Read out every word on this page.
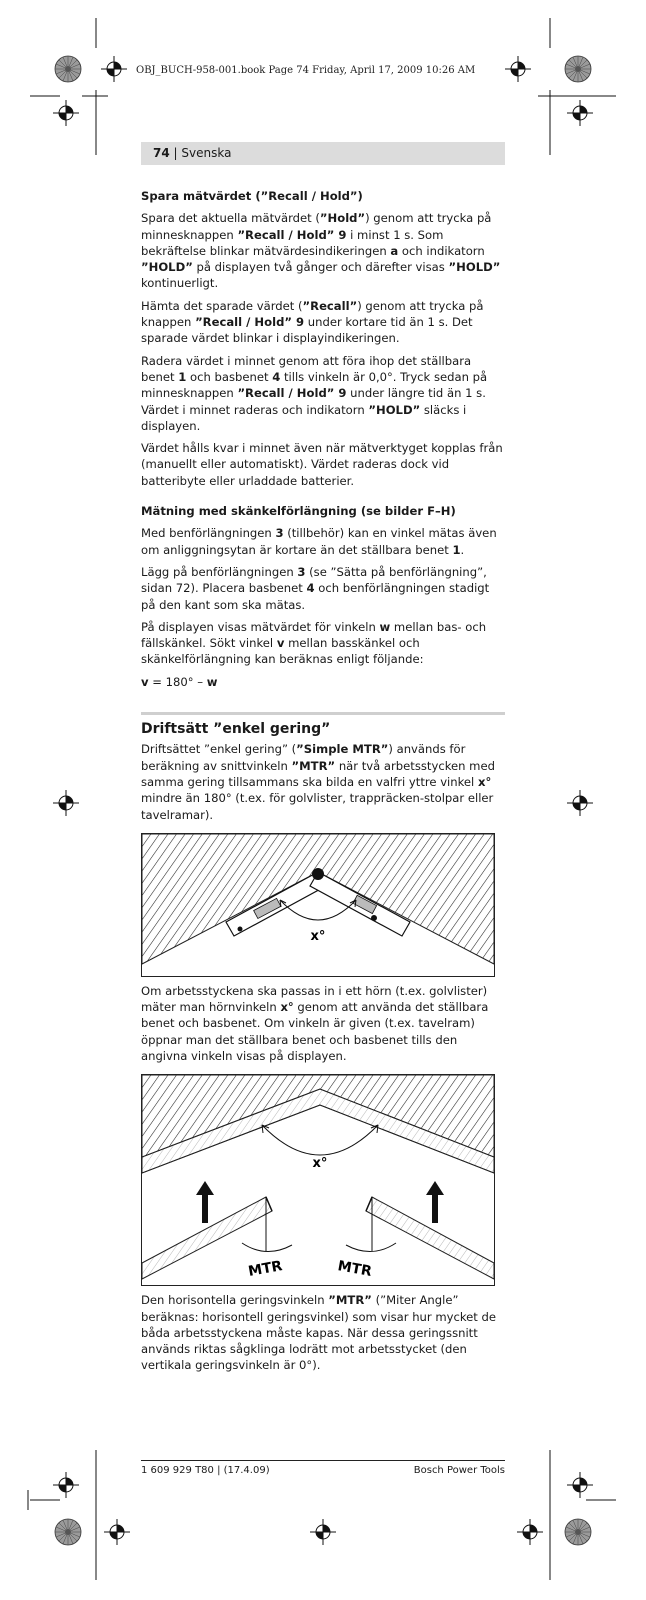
OBJ_BUCH-958-001.book Page 74 Friday, April 17, 2009 10:26 AM
74 | Svenska
Spara mätvärdet (”Recall / Hold”)

Spara det aktuella mätvärdet (”Hold”) genom att trycka på minnesknappen ”Recall / Hold” 9 i minst 1 s. Som bekräftelse blinkar mätvärdesindikeringen a och indikatorn ”HOLD” på displayen två gånger och därefter visas ”HOLD” kontinuerligt.

Hämta det sparade värdet (”Recall”) genom att trycka på knappen ”Recall / Hold” 9 under kortare tid än 1 s. Det sparade värdet blinkar i displayindikeringen.

Radera värdet i minnet genom att föra ihop det ställbara benet 1 och basbenet 4 tills vinkeln är 0,0°. Tryck sedan på minnesknappen ”Recall / Hold” 9 under längre tid än 1 s. Värdet i minnet raderas och indikatorn ”HOLD” släcks i displayen.

Värdet hålls kvar i minnet även när mätverktyget kopplas från (manuellt eller automatiskt). Värdet raderas dock vid batteribyte eller urladdade batterier.

Mätning med skänkelförlängning (se bilder F–H)

Med benförlängningen 3 (tillbehör) kan en vinkel mätas även om anliggningsytan är kortare än det ställbara benet 1.

Lägg på benförlängningen 3 (se ”Sätta på benförlängning”, sidan 72). Placera basbenet 4 och benförlängningen stadigt på den kant som ska mätas.

På displayen visas mätvärdet för vinkeln w mellan bas- och fällskänkel. Sökt vinkel v mellan basskänkel och skänkelförlängning kan beräknas enligt följande:

v = 180° – w

Driftsätt ”enkel gering”

Driftsättet ”enkel gering” (”Simple MTR”) används för beräkning av snittvinkeln ”MTR” när två arbetsstycken med samma gering tillsammans ska bilda en valfri yttre vinkel x° mindre än 180° (t.ex. för golvlister, trappräcken-stolpar eller tavelramar).

x°

Om arbetsstyckena ska passas in i ett hörn (t.ex. golvlister) mäter man hörnvinkeln x° genom att använda det ställbara benet och basbenet. Om vinkeln är given (t.ex. tavelram) öppnar man det ställbara benet och basbenet tills den angivna vinkeln visas på displayen.

x°
MTR	MTR

Den horisontella geringsvinkeln ”MTR” (”Miter Angle” beräknas: horisontell geringsvinkel) som visar hur mycket de båda arbetsstyckena måste kapas. När dessa geringssnitt används riktas sågklinga lodrätt mot arbetsstycket (den vertikala geringsvinkeln är 0°).

1 609 929 T80 | (17.4.09)	Bosch Power Tools
